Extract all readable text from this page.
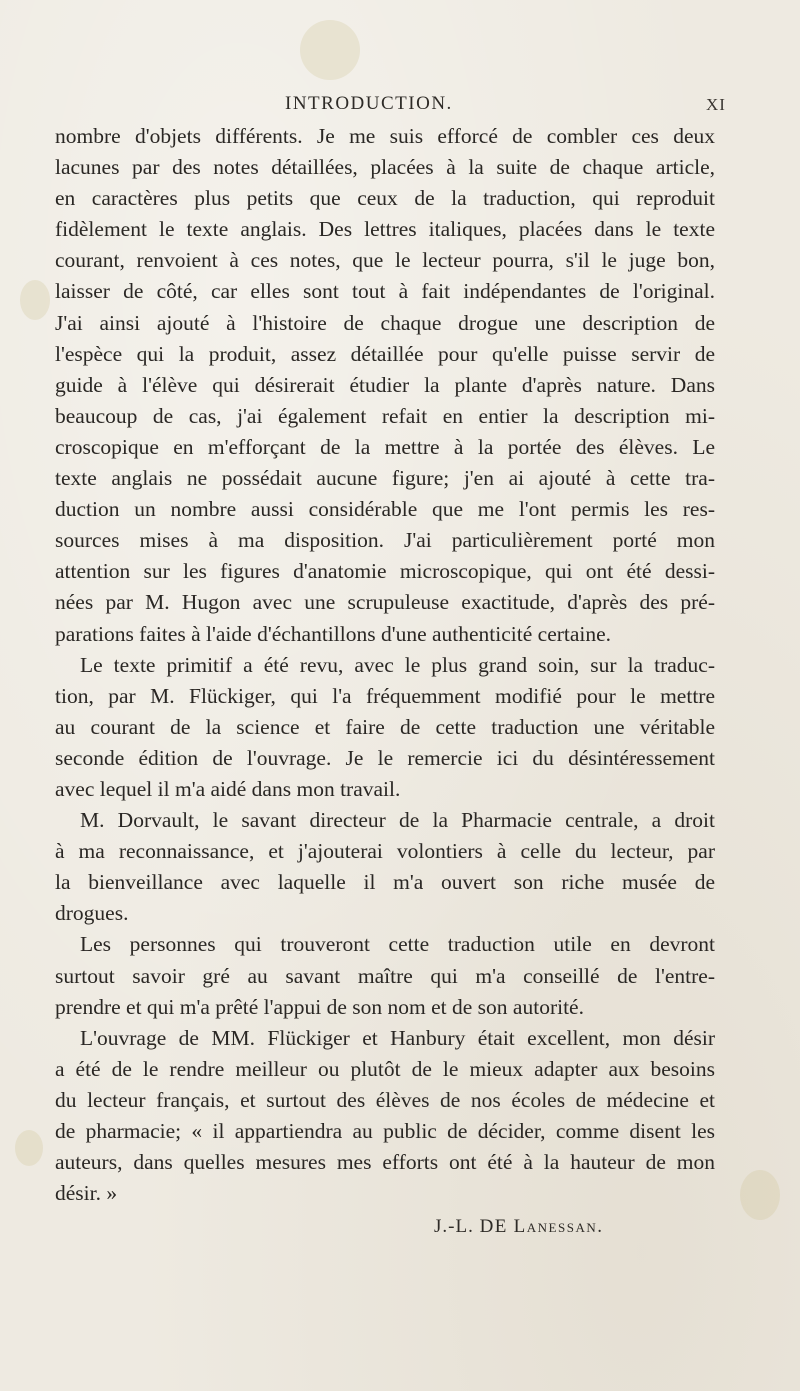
INTRODUCTION.	XI
nombre d'objets différents. Je me suis efforcé de combler ces deux
lacunes par des notes détaillées, placées à la suite de chaque article,
en caractères plus petits que ceux de la traduction, qui reproduit
fidèlement le texte anglais. Des lettres italiques, placées dans le texte
courant, renvoient à ces notes, que le lecteur pourra, s'il le juge bon,
laisser de côté, car elles sont tout à fait indépendantes de l'original.
J'ai ainsi ajouté à l'histoire de chaque drogue une description de
l'espèce qui la produit, assez détaillée pour qu'elle puisse servir de
guide à l'élève qui désirerait étudier la plante d'après nature. Dans
beaucoup de cas, j'ai également refait en entier la description mi-
croscopique en m'efforçant de la mettre à la portée des élèves. Le
texte anglais ne possédait aucune figure; j'en ai ajouté à cette tra-
duction un nombre aussi considérable que me l'ont permis les res-
sources mises à ma disposition. J'ai particulièrement porté mon
attention sur les figures d'anatomie microscopique, qui ont été dessi-
nées par M. Hugon avec une scrupuleuse exactitude, d'après des pré-
parations faites à l'aide d'échantillons d'une authenticité certaine.
Le texte primitif a été revu, avec le plus grand soin, sur la traduc-
tion, par M. Flückiger, qui l'a fréquemment modifié pour le mettre
au courant de la science et faire de cette traduction une véritable
seconde édition de l'ouvrage. Je le remercie ici du désintéressement
avec lequel il m'a aidé dans mon travail.
M. Dorvault, le savant directeur de la Pharmacie centrale, a droit
à ma reconnaissance, et j'ajouterai volontiers à celle du lecteur, par
la bienveillance avec laquelle il m'a ouvert son riche musée de
drogues.
Les personnes qui trouveront cette traduction utile en devront
surtout savoir gré au savant maître qui m'a conseillé de l'entre-
prendre et qui m'a prêté l'appui de son nom et de son autorité.
L'ouvrage de MM. Flückiger et Hanbury était excellent, mon désir
a été de le rendre meilleur ou plutôt de le mieux adapter aux besoins
du lecteur français, et surtout des élèves de nos écoles de médecine et
de pharmacie; « il appartiendra au public de décider, comme disent les
auteurs, dans quelles mesures mes efforts ont été à la hauteur de mon
désir. »
J.-L. DE Lanessan.
